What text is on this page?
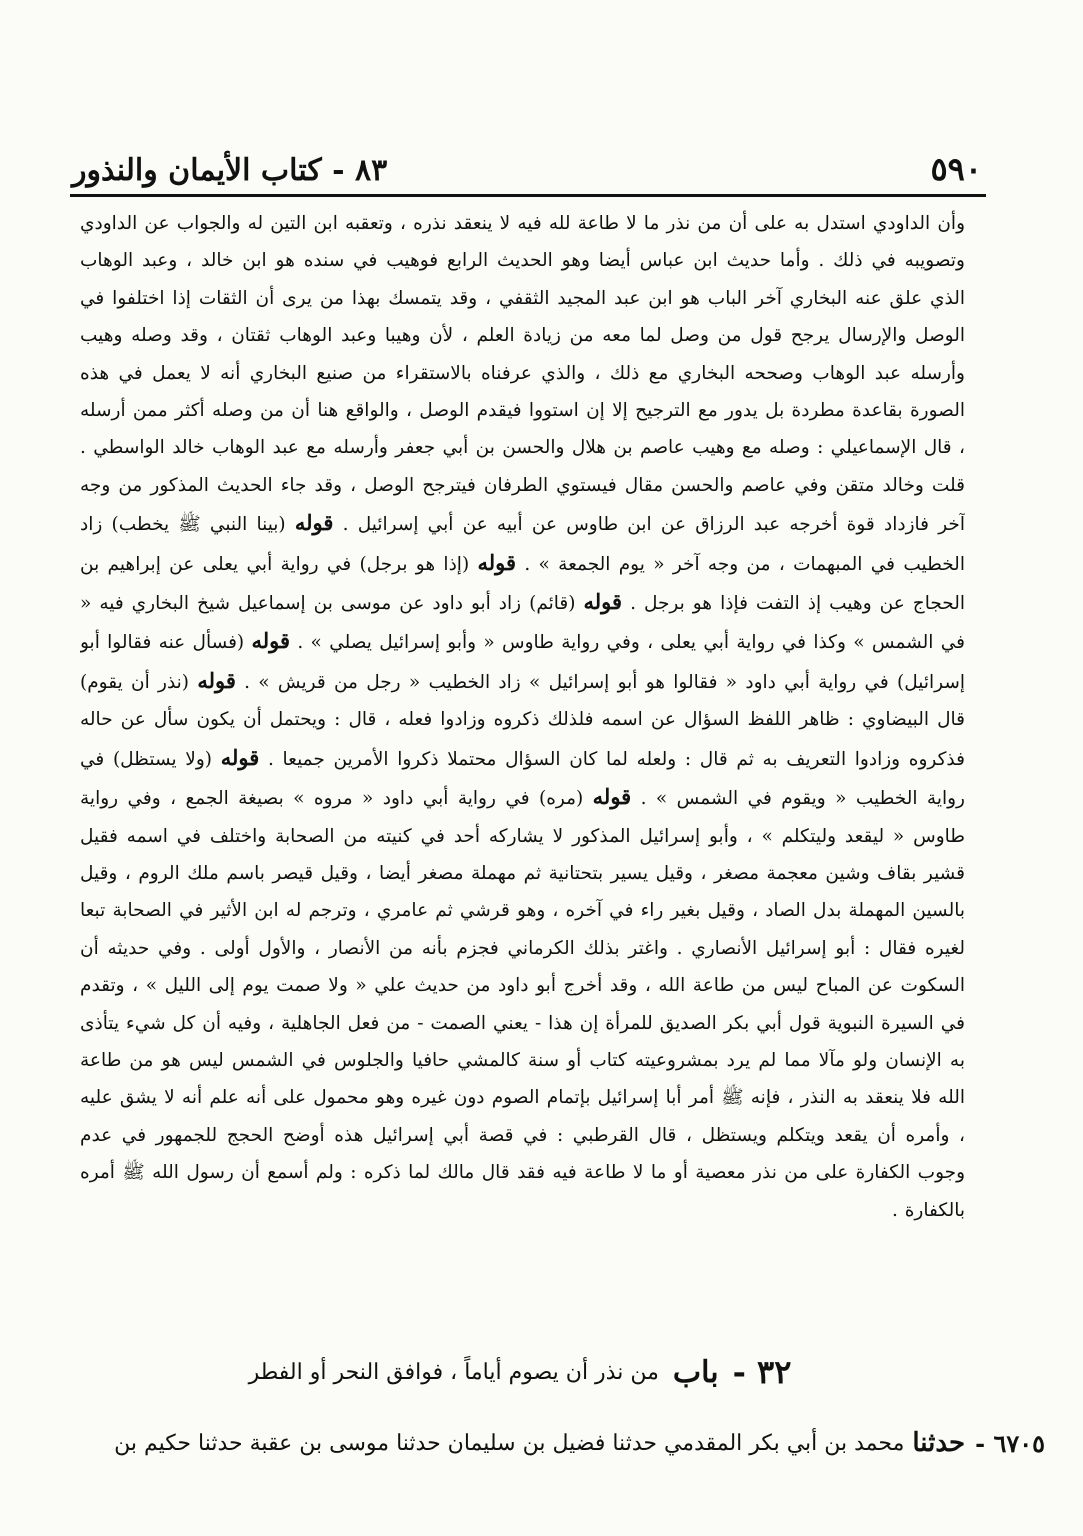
٥٩٠
٨٣ - كتاب الأيمان والنذور

وأن الداودي استدل به على أن من نذر ما لا طاعة لله فيه لا ينعقد نذره ، وتعقبه ابن التين له والجواب عن الداودي وتصويبه في ذلك . وأما حديث ابن عباس أيضا وهو الحديث الرابع فوهيب في سنده هو ابن خالد ، وعبد الوهاب الذي علق عنه البخاري آخر الباب هو ابن عبد المجيد الثقفي ، وقد يتمسك بهذا من يرى أن الثقات إذا اختلفوا في الوصل والإرسال يرجح قول من وصل لما معه من زيادة العلم ، لأن وهيبا وعبد الوهاب ثقتان ، وقد وصله وهيب وأرسله عبد الوهاب وصححه البخاري مع ذلك ، والذي عرفناه بالاستقراء من صنيع البخاري أنه لا يعمل في هذه الصورة بقاعدة مطردة بل يدور مع الترجيح إلا إن استووا فيقدم الوصل ، والواقع هنا أن من وصله أكثر ممن أرسله ، قال الإسماعيلي : وصله مع وهيب عاصم بن هلال والحسن بن أبي جعفر وأرسله مع عبد الوهاب خالد الواسطي . قلت وخالد متقن وفي عاصم والحسن مقال فيستوي الطرفان فيترجح الوصل ، وقد جاء الحديث المذكور من وجه آخر فازداد قوة أخرجه عبد الرزاق عن ابن طاوس عن أبيه عن أبي إسرائيل . قوله (بينا النبي ﷺ يخطب) زاد الخطيب في المبهمات ، من وجه آخر « يوم الجمعة » . قوله (إذا هو برجل) في رواية أبي يعلى عن إبراهيم بن الحجاج عن وهيب إذ التفت فإذا هو برجل . قوله (قائم) زاد أبو داود عن موسى بن إسماعيل شيخ البخاري فيه « في الشمس » وكذا في رواية أبي يعلى ، وفي رواية طاوس « وأبو إسرائيل يصلي » . قوله (فسأل عنه فقالوا أبو إسرائيل) في رواية أبي داود « فقالوا هو أبو إسرائيل » زاد الخطيب « رجل من قريش » . قوله (نذر أن يقوم) قال البيضاوي : ظاهر اللفظ السؤال عن اسمه فلذلك ذكروه وزادوا فعله ، قال : ويحتمل أن يكون سأل عن حاله فذكروه وزادوا التعريف به ثم قال : ولعله لما كان السؤال محتملا ذكروا الأمرين جميعا . قوله (ولا يستظل) في رواية الخطيب « ويقوم في الشمس » . قوله (مره) في رواية أبي داود « مروه » بصيغة الجمع ، وفي رواية طاوس « ليقعد وليتكلم » ، وأبو إسرائيل المذكور لا يشاركه أحد في كنيته من الصحابة واختلف في اسمه فقيل قشير بقاف وشين معجمة مصغر ، وقيل يسير بتحتانية ثم مهملة مصغر أيضا ، وقيل قيصر باسم ملك الروم ، وقيل بالسين المهملة بدل الصاد ، وقيل بغير راء في آخره ، وهو قرشي ثم عامري ، وترجم له ابن الأثير في الصحابة تبعا لغيره فقال : أبو إسرائيل الأنصاري . واغتر بذلك الكرماني فجزم بأنه من الأنصار ، والأول أولى . وفي حديثه أن السكوت عن المباح ليس من طاعة الله ، وقد أخرج أبو داود من حديث علي « ولا صمت يوم إلى الليل » ، وتقدم في السيرة النبوية قول أبي بكر الصديق للمرأة إن هذا - يعني الصمت - من فعل الجاهلية ، وفيه أن كل شيء يتأذى به الإنسان ولو مآلا مما لم يرد بمشروعيته كتاب أو سنة كالمشي حافيا والجلوس في الشمس ليس هو من طاعة الله فلا ينعقد به النذر ، فإنه ﷺ أمر أبا إسرائيل بإتمام الصوم دون غيره وهو محمول على أنه علم أنه لا يشق عليه ، وأمره أن يقعد ويتكلم ويستظل ، قال القرطبي : في قصة أبي إسرائيل هذه أوضح الحجج للجمهور في عدم وجوب الكفارة على من نذر معصية أو ما لا طاعة فيه فقد قال مالك لما ذكره : ولم أسمع أن رسول الله ﷺ أمره بالكفارة .

٣٢ -
باب
من نذر أن يصوم أياماً ، فوافق النحر أو الفطر
٦٧٠٥ -
حدثنا
محمد بن أبي بكر المقدمي حدثنا فضيل بن سليمان حدثنا موسى بن عقبة حدثنا حكيم بن
